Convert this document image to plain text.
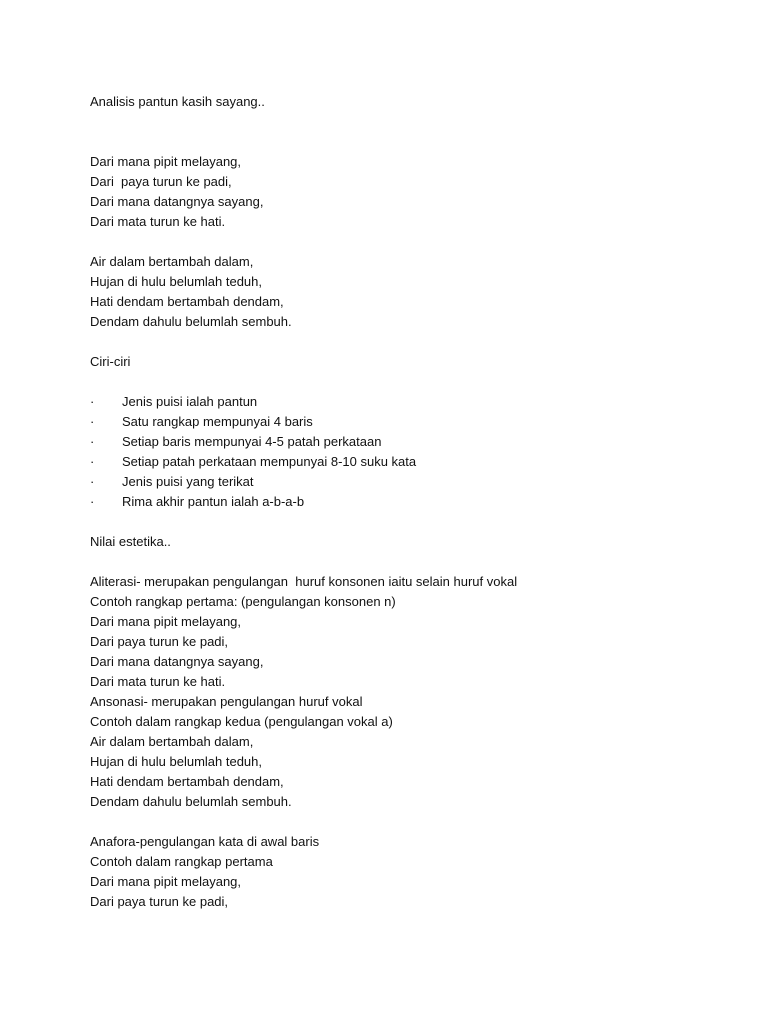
Analisis pantun kasih sayang..
Dari mana pipit melayang,
Dari  paya turun ke padi,
Dari mana datangnya sayang,
Dari mata turun ke hati.
Air dalam bertambah dalam,
Hujan di hulu belumlah teduh,
Hati dendam bertambah dendam,
Dendam dahulu belumlah sembuh.
Ciri-ciri
·	Jenis puisi ialah pantun
·	Satu rangkap mempunyai 4 baris
·	Setiap baris mempunyai 4-5 patah perkataan
·	Setiap patah perkataan mempunyai 8-10 suku kata
·	Jenis puisi yang terikat
·	Rima akhir pantun ialah a-b-a-b
Nilai estetika..
Aliterasi- merupakan pengulangan  huruf konsonen iaitu selain huruf vokal
Contoh rangkap pertama: (pengulangan konsonen n)
Dari mana pipit melayang,
Dari paya turun ke padi,
Dari mana datangnya sayang,
Dari mata turun ke hati.
Ansonasi- merupakan pengulangan huruf vokal
Contoh dalam rangkap kedua (pengulangan vokal a)
Air dalam bertambah dalam,
Hujan di hulu belumlah teduh,
Hati dendam bertambah dendam,
Dendam dahulu belumlah sembuh.
Anafora-pengulangan kata di awal baris
Contoh dalam rangkap pertama
Dari mana pipit melayang,
Dari paya turun ke padi,
